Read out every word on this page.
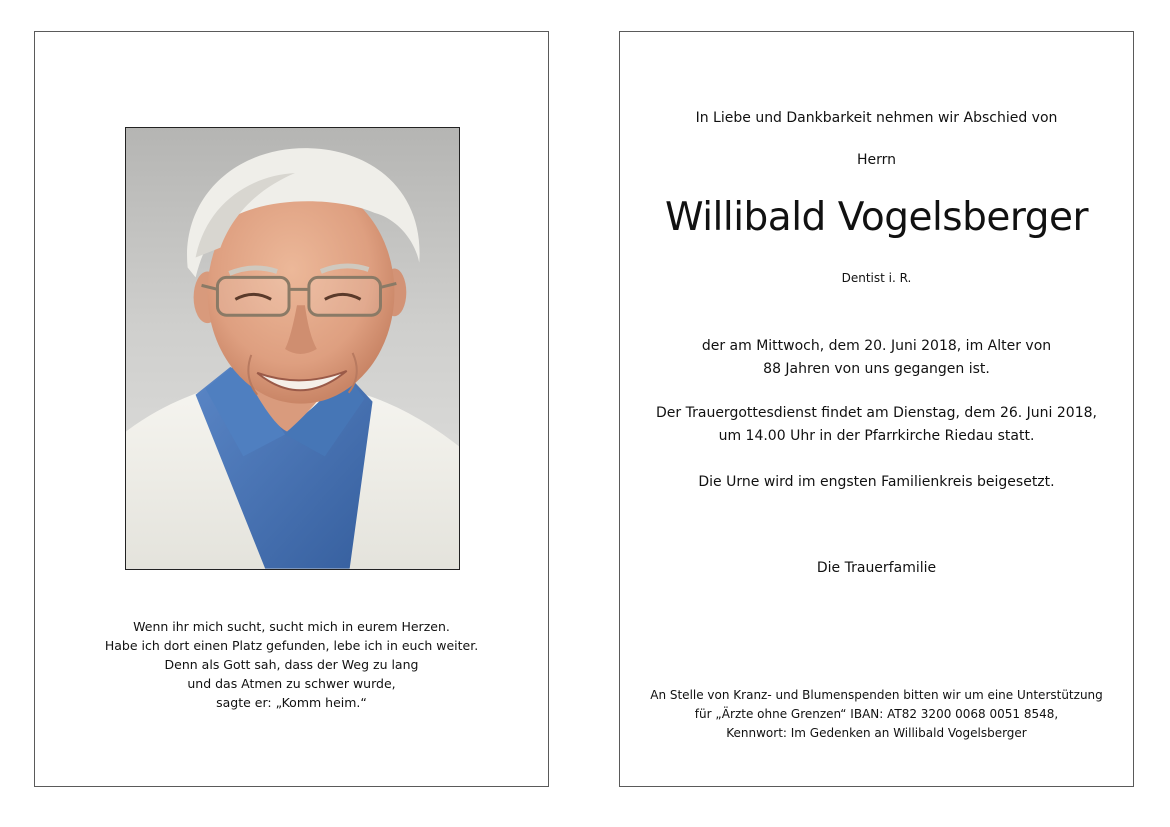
Wenn ihr mich sucht, sucht mich in eurem Herzen.
Habe ich dort einen Platz gefunden, lebe ich in euch weiter.
Denn als Gott sah, dass der Weg zu lang
und das Atmen zu schwer wurde,
sagte er: „Komm heim.“
In Liebe und Dankbarkeit nehmen wir Abschied von
Herrn
Willibald Vogelsberger
Dentist i. R.
der am Mittwoch, dem 20. Juni 2018, im Alter von
88 Jahren von uns gegangen ist.
Der Trauergottesdienst findet am Dienstag, dem 26. Juni 2018,
um 14.00 Uhr in der Pfarrkirche Riedau statt.
Die Urne wird im engsten Familienkreis beigesetzt.
Die Trauerfamilie
An Stelle von Kranz- und Blumenspenden bitten wir um eine Unterstützung
für „Ärzte ohne Grenzen“ IBAN: AT82 3200 0068 0051 8548,
Kennwort: Im Gedenken an Willibald Vogelsberger
